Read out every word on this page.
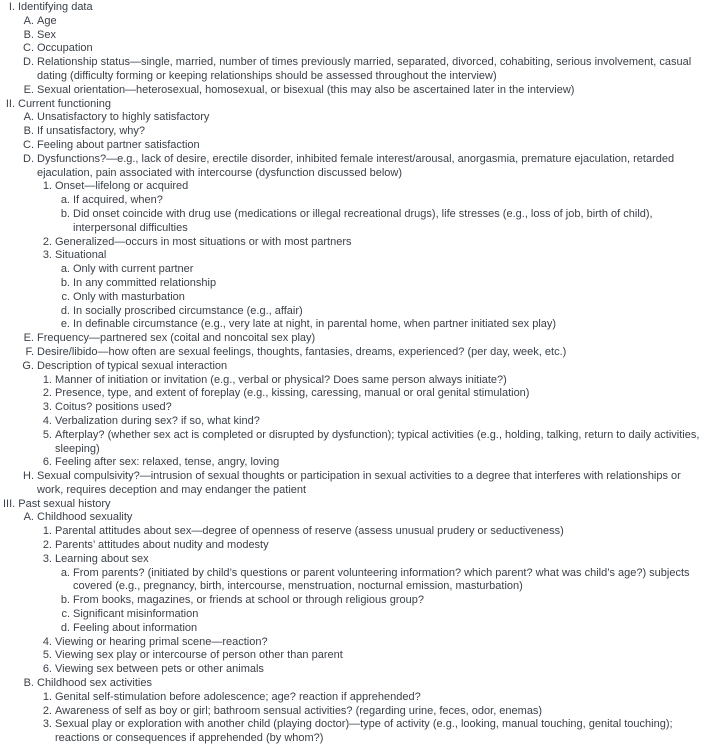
I. Identifying data
A. Age
B. Sex
C. Occupation
D. Relationship status—single, married, number of times previously married, separated, divorced, cohabiting, serious involvement, casual dating (difficulty forming or keeping relationships should be assessed throughout the interview)
E. Sexual orientation—heterosexual, homosexual, or bisexual (this may also be ascertained later in the interview)
II. Current functioning
A. Unsatisfactory to highly satisfactory
B. If unsatisfactory, why?
C. Feeling about partner satisfaction
D. Dysfunctions?—e.g., lack of desire, erectile disorder, inhibited female interest/arousal, anorgasmia, premature ejaculation, retarded ejaculation, pain associated with intercourse (dysfunction discussed below)
1. Onset—lifelong or acquired
a. If acquired, when?
b. Did onset coincide with drug use (medications or illegal recreational drugs), life stresses (e.g., loss of job, birth of child), interpersonal difficulties
2. Generalized—occurs in most situations or with most partners
3. Situational
a. Only with current partner
b. In any committed relationship
c. Only with masturbation
d. In socially proscribed circumstance (e.g., affair)
e. In definable circumstance (e.g., very late at night, in parental home, when partner initiated sex play)
E. Frequency—partnered sex (coital and noncoital sex play)
F. Desire/libido—how often are sexual feelings, thoughts, fantasies, dreams, experienced? (per day, week, etc.)
G. Description of typical sexual interaction
1. Manner of initiation or invitation (e.g., verbal or physical? Does same person always initiate?)
2. Presence, type, and extent of foreplay (e.g., kissing, caressing, manual or oral genital stimulation)
3. Coitus? positions used?
4. Verbalization during sex? if so, what kind?
5. Afterplay? (whether sex act is completed or disrupted by dysfunction); typical activities (e.g., holding, talking, return to daily activities, sleeping)
6. Feeling after sex: relaxed, tense, angry, loving
H. Sexual compulsivity?—intrusion of sexual thoughts or participation in sexual activities to a degree that interferes with relationships or work, requires deception and may endanger the patient
III. Past sexual history
A. Childhood sexuality
1. Parental attitudes about sex—degree of openness of reserve (assess unusual prudery or seductiveness)
2. Parents’ attitudes about nudity and modesty
3. Learning about sex
a. From parents? (initiated by child’s questions or parent volunteering information? which parent? what was child’s age?) subjects covered (e.g., pregnancy, birth, intercourse, menstruation, nocturnal emission, masturbation)
b. From books, magazines, or friends at school or through religious group?
c. Significant misinformation
d. Feeling about information
4. Viewing or hearing primal scene—reaction?
5. Viewing sex play or intercourse of person other than parent
6. Viewing sex between pets or other animals
B. Childhood sex activities
1. Genital self-stimulation before adolescence; age? reaction if apprehended?
2. Awareness of self as boy or girl; bathroom sensual activities? (regarding urine, feces, odor, enemas)
3. Sexual play or exploration with another child (playing doctor)—type of activity (e.g., looking, manual touching, genital touching); reactions or consequences if apprehended (by whom?)
